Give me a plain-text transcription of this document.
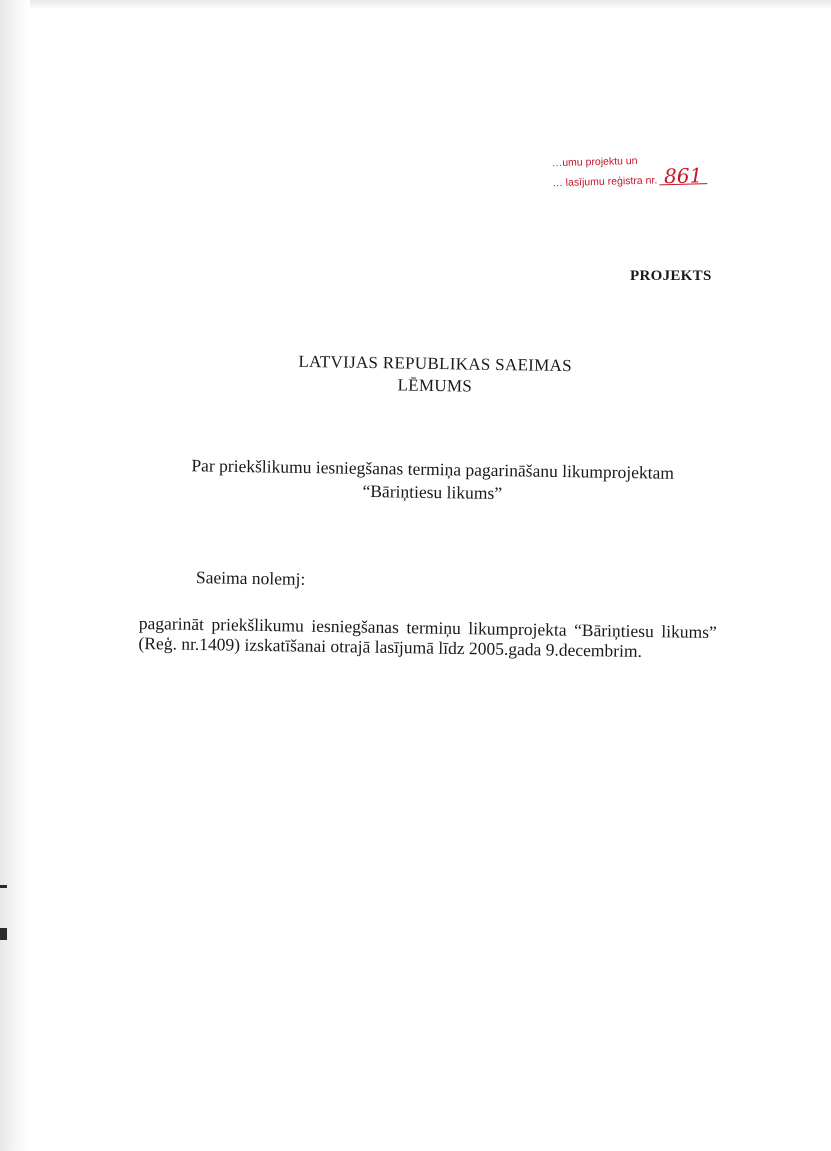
…umu projektu un
… lasījumu reģistra nr. 861
PROJEKTS
LATVIJAS REPUBLIKAS SAEIMAS
LĒMUMS
Par priekšlikumu iesniegšanas termiņa pagarināšanu likumprojektam
“Bāriņtiesu likums”
Saeima nolemj:
pagarināt priekšlikumu iesniegšanas termiņu likumprojekta “Bāriņtiesu likums” (Reģ. nr.1409) izskatīšanai otrajā lasījumā līdz 2005.gada 9.decembrim.
